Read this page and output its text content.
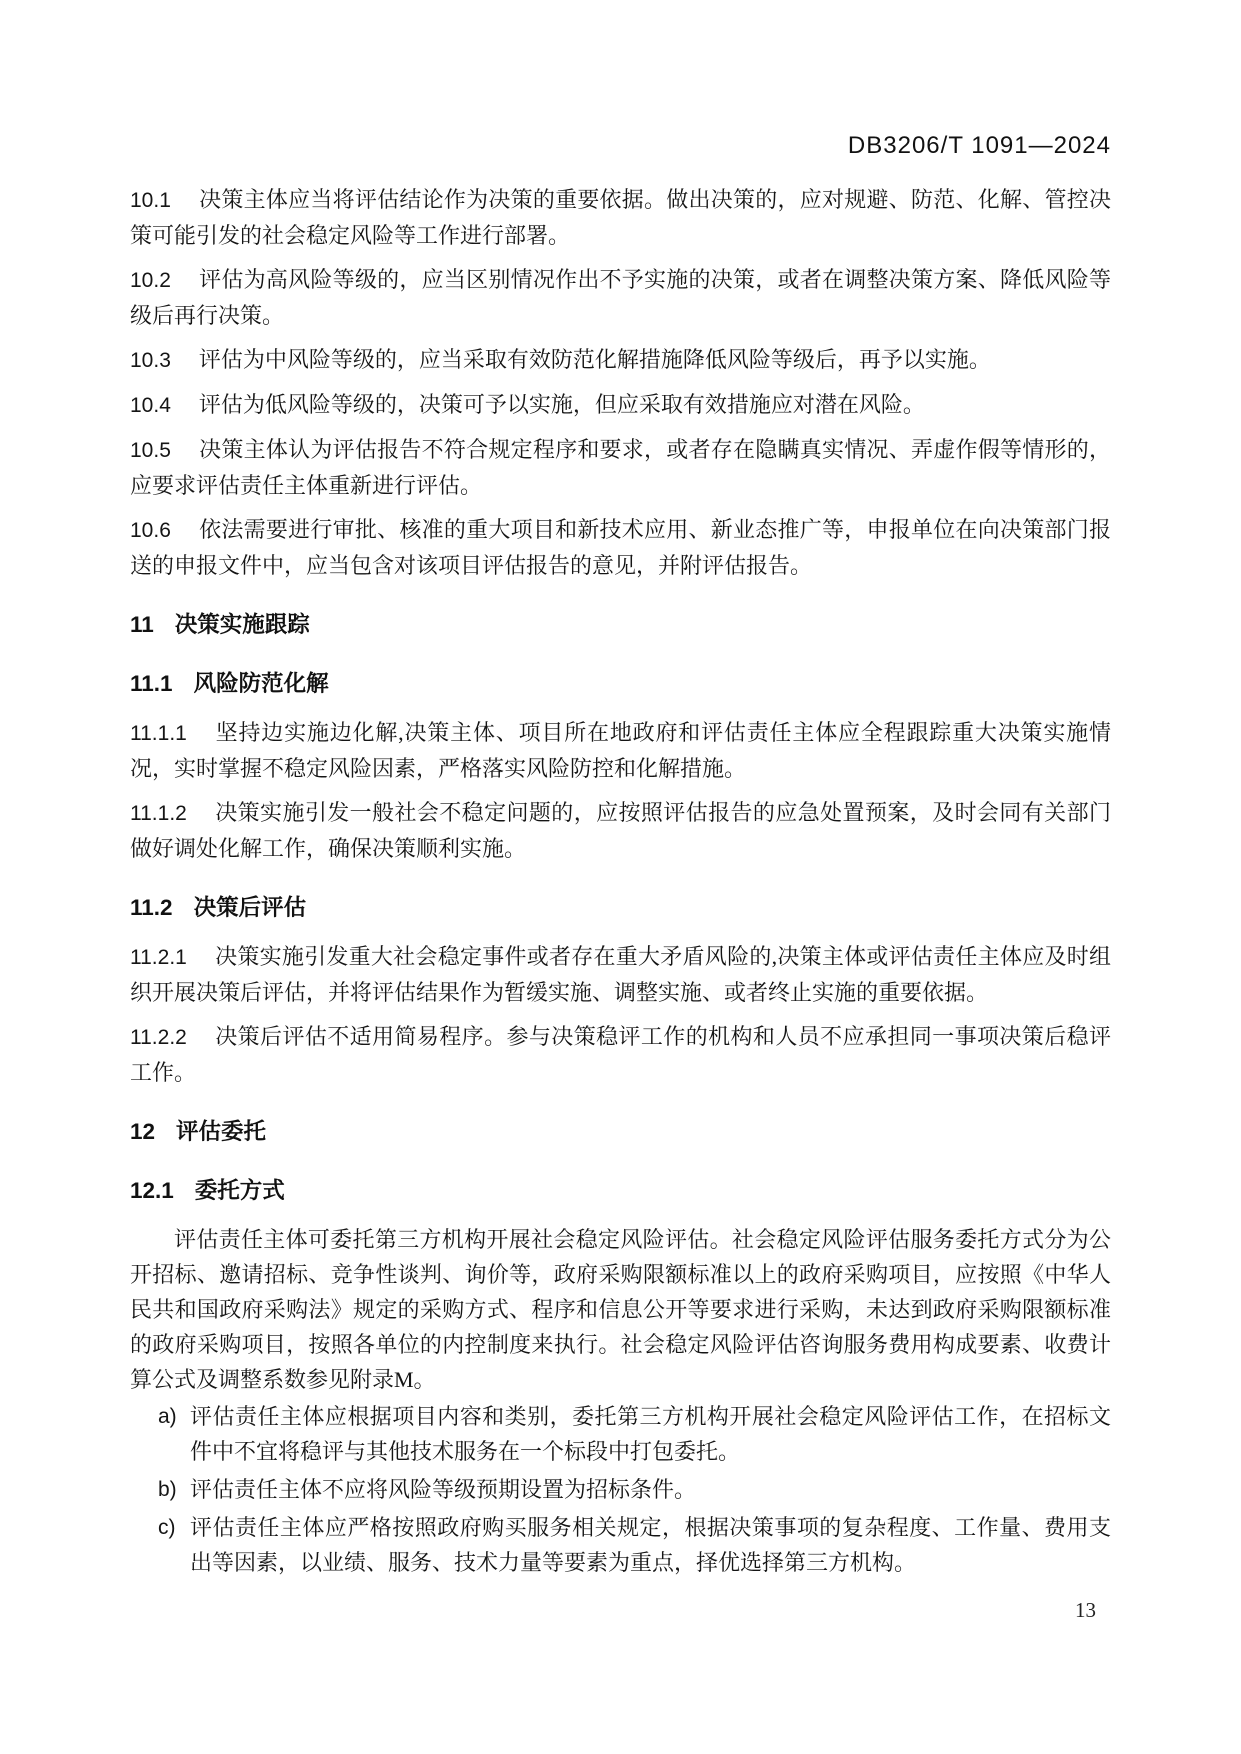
DB3206/T 1091—2024

10.1 决策主体应当将评估结论作为决策的重要依据。做出决策的，应对规避、防范、化解、管控决策可能引发的社会稳定风险等工作进行部署。

10.2 评估为高风险等级的，应当区别情况作出不予实施的决策，或者在调整决策方案、降低风险等级后再行决策。

10.3 评估为中风险等级的，应当采取有效防范化解措施降低风险等级后，再予以实施。

10.4 评估为低风险等级的，决策可予以实施，但应采取有效措施应对潜在风险。

10.5 决策主体认为评估报告不符合规定程序和要求，或者存在隐瞒真实情况、弄虚作假等情形的，应要求评估责任主体重新进行评估。

10.6 依法需要进行审批、核准的重大项目和新技术应用、新业态推广等，申报单位在向决策部门报送的申报文件中，应当包含对该项目评估报告的意见，并附评估报告。

11 决策实施跟踪
11.1 风险防范化解

11.1.1 坚持边实施边化解,决策主体、项目所在地政府和评估责任主体应全程跟踪重大决策实施情况，实时掌握不稳定风险因素，严格落实风险防控和化解措施。

11.1.2 决策实施引发一般社会不稳定问题的，应按照评估报告的应急处置预案，及时会同有关部门做好调处化解工作，确保决策顺利实施。

11.2 决策后评估

11.2.1 决策实施引发重大社会稳定事件或者存在重大矛盾风险的,决策主体或评估责任主体应及时组织开展决策后评估，并将评估结果作为暂缓实施、调整实施、或者终止实施的重要依据。

11.2.2 决策后评估不适用简易程序。参与决策稳评工作的机构和人员不应承担同一事项决策后稳评工作。

12 评估委托
12.1 委托方式

评估责任主体可委托第三方机构开展社会稳定风险评估。社会稳定风险评估服务委托方式分为公开招标、邀请招标、竞争性谈判、询价等，政府采购限额标准以上的政府采购项目，应按照《中华人民共和国政府采购法》规定的采购方式、程序和信息公开等要求进行采购，未达到政府采购限额标准的政府采购项目，按照各单位的内控制度来执行。社会稳定风险评估咨询服务费用构成要素、收费计算公式及调整系数参见附录M。

a) 评估责任主体应根据项目内容和类别，委托第三方机构开展社会稳定风险评估工作，在招标文件中不宜将稳评与其他技术服务在一个标段中打包委托。
b) 评估责任主体不应将风险等级预期设置为招标条件。
c) 评估责任主体应严格按照政府购买服务相关规定，根据决策事项的复杂程度、工作量、费用支出等因素，以业绩、服务、技术力量等要素为重点，择优选择第三方机构。
13
